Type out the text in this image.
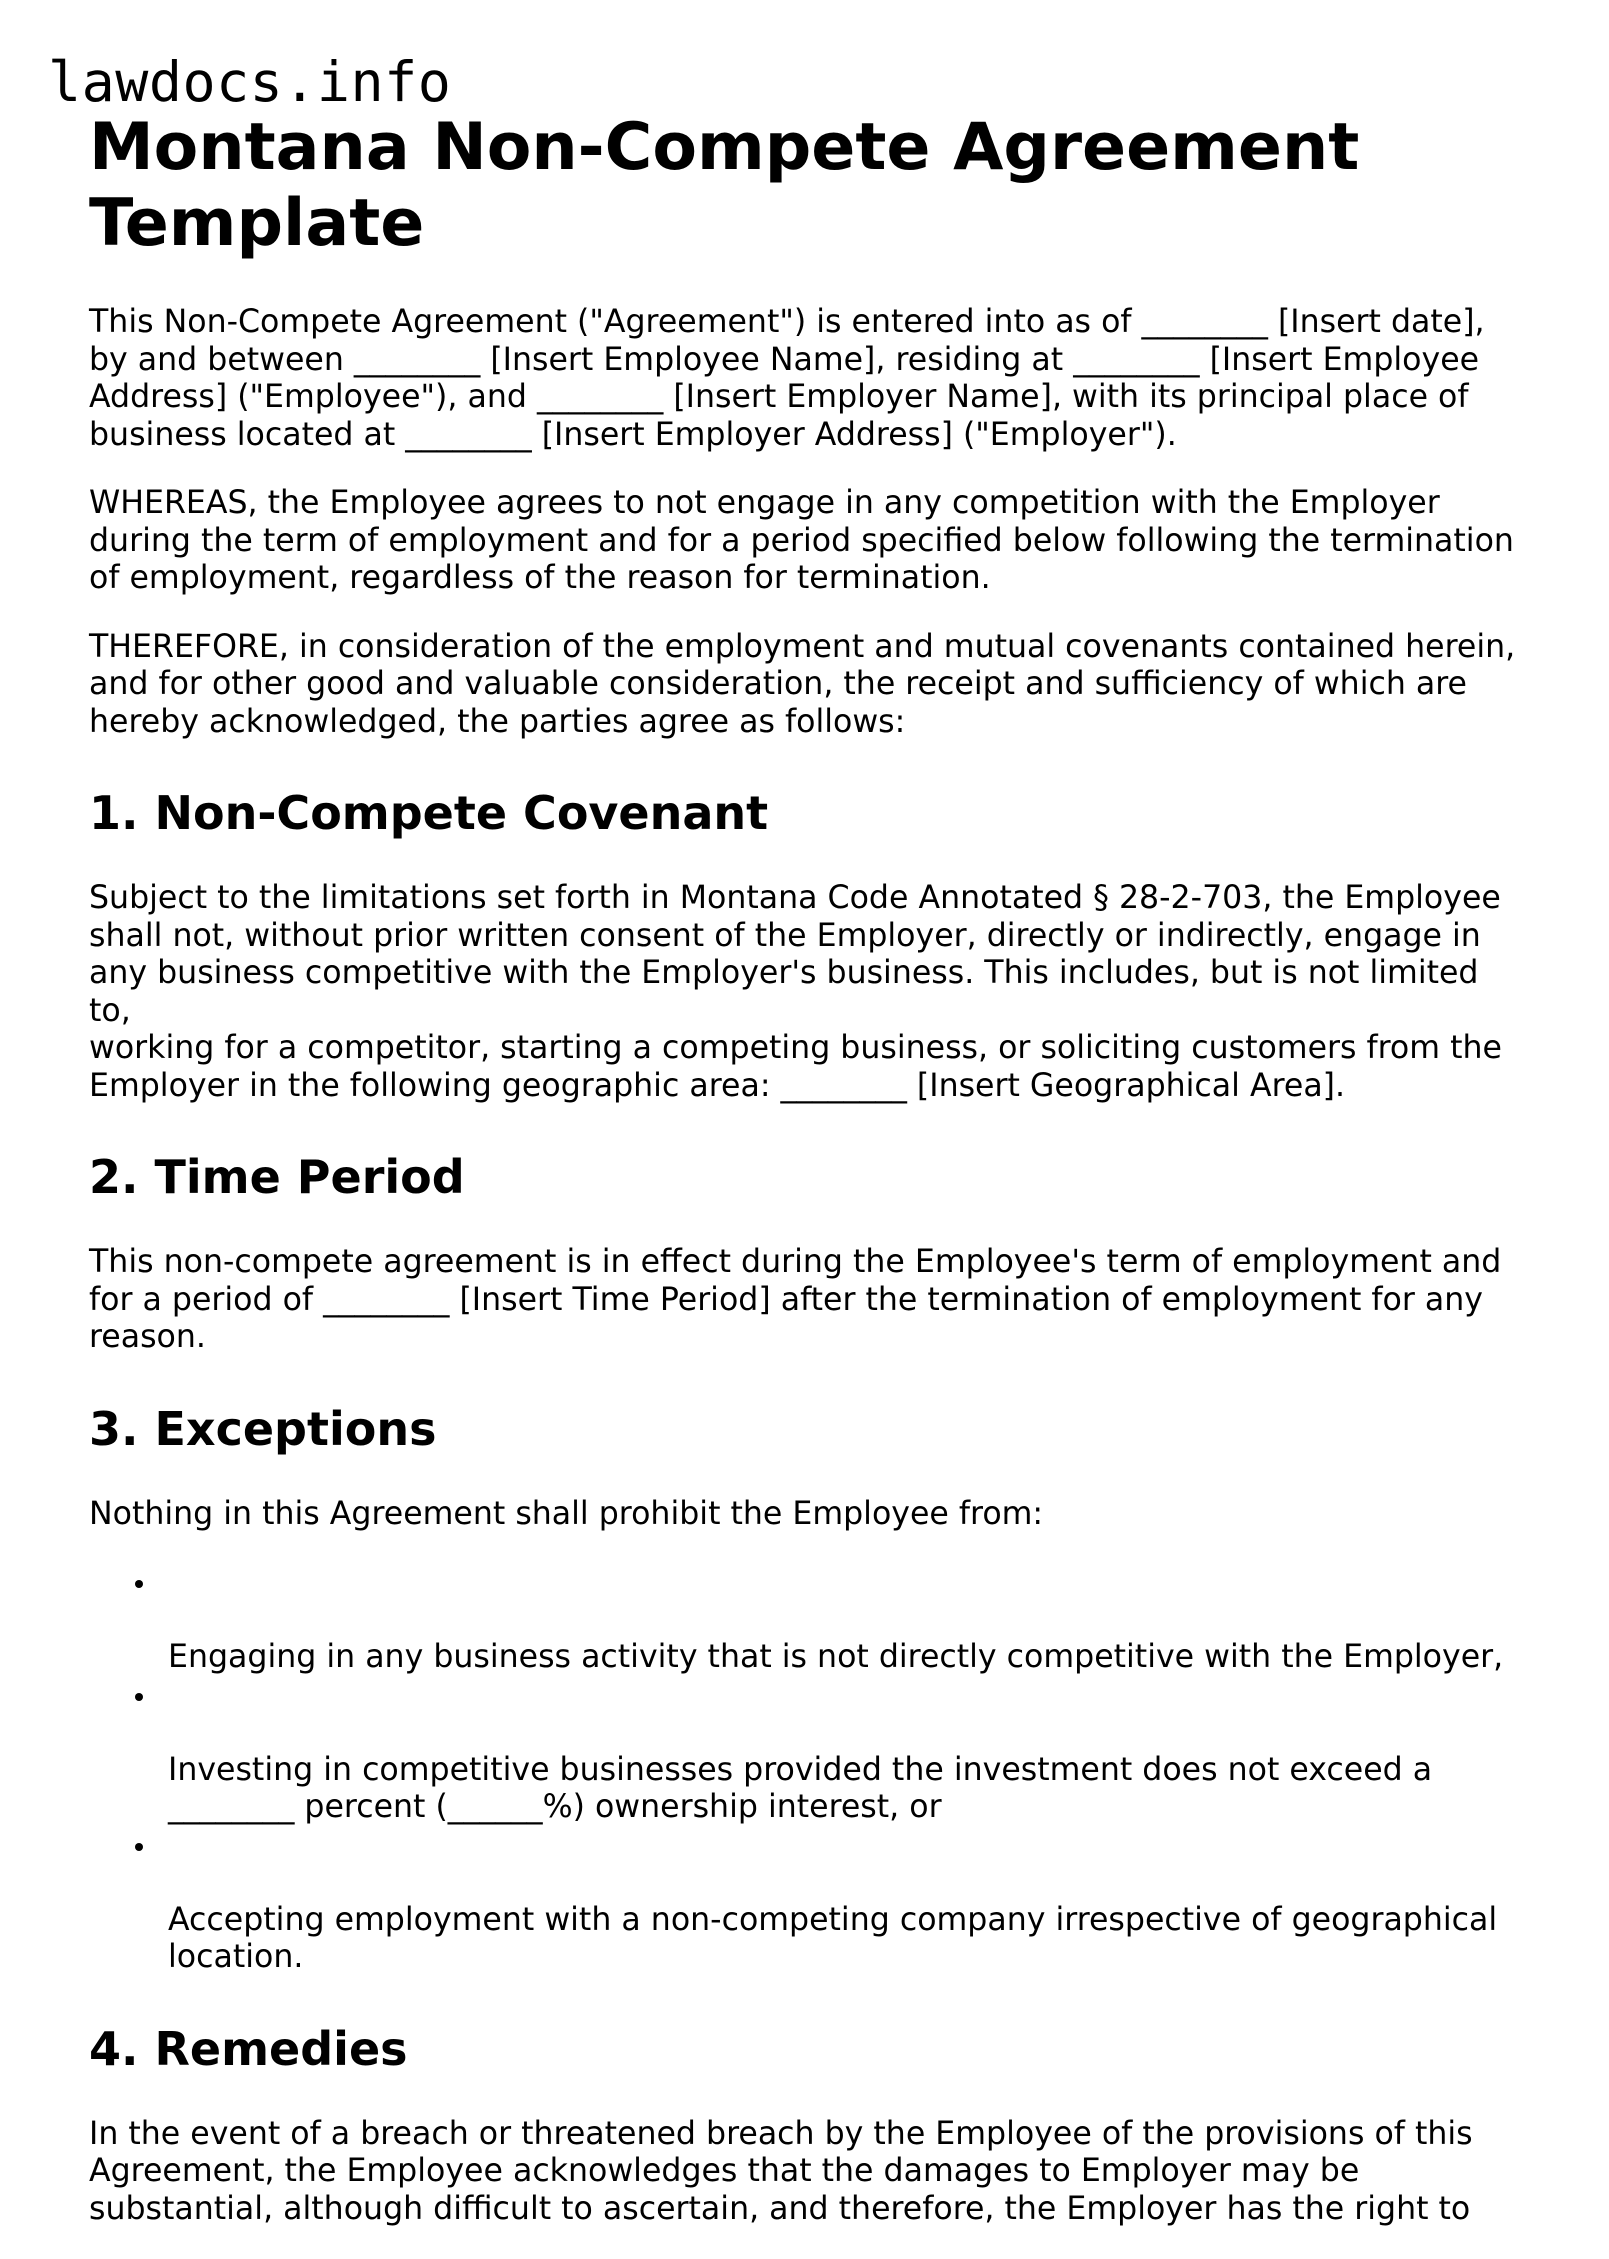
lawdocs.info
Montana Non-Compete Agreement
Template

This Non-Compete Agreement ("Agreement") is entered into as of ________ [Insert date],
by and between ________ [Insert Employee Name], residing at ________ [Insert Employee
Address] ("Employee"), and ________ [Insert Employer Name], with its principal place of
business located at ________ [Insert Employer Address] ("Employer").

WHEREAS, the Employee agrees to not engage in any competition with the Employer
during the term of employment and for a period specified below following the termination
of employment, regardless of the reason for termination.

THEREFORE, in consideration of the employment and mutual covenants contained herein,
and for other good and valuable consideration, the receipt and sufficiency of which are
hereby acknowledged, the parties agree as follows:

1. Non-Compete Covenant

Subject to the limitations set forth in Montana Code Annotated § 28-2-703, the Employee
shall not, without prior written consent of the Employer, directly or indirectly, engage in
any business competitive with the Employer's business. This includes, but is not limited to,
working for a competitor, starting a competing business, or soliciting customers from the
Employer in the following geographic area: ________ [Insert Geographical Area].

2. Time Period

This non-compete agreement is in effect during the Employee's term of employment and
for a period of ________ [Insert Time Period] after the termination of employment for any
reason.

3. Exceptions

Nothing in this Agreement shall prohibit the Employee from:

Engaging in any business activity that is not directly competitive with the Employer,

Investing in competitive businesses provided the investment does not exceed a
________ percent (______%) ownership interest, or

Accepting employment with a non-competing company irrespective of geographical
location.

4. Remedies

In the event of a breach or threatened breach by the Employee of the provisions of this
Agreement, the Employee acknowledges that the damages to Employer may be
substantial, although difficult to ascertain, and therefore, the Employer has the right to
